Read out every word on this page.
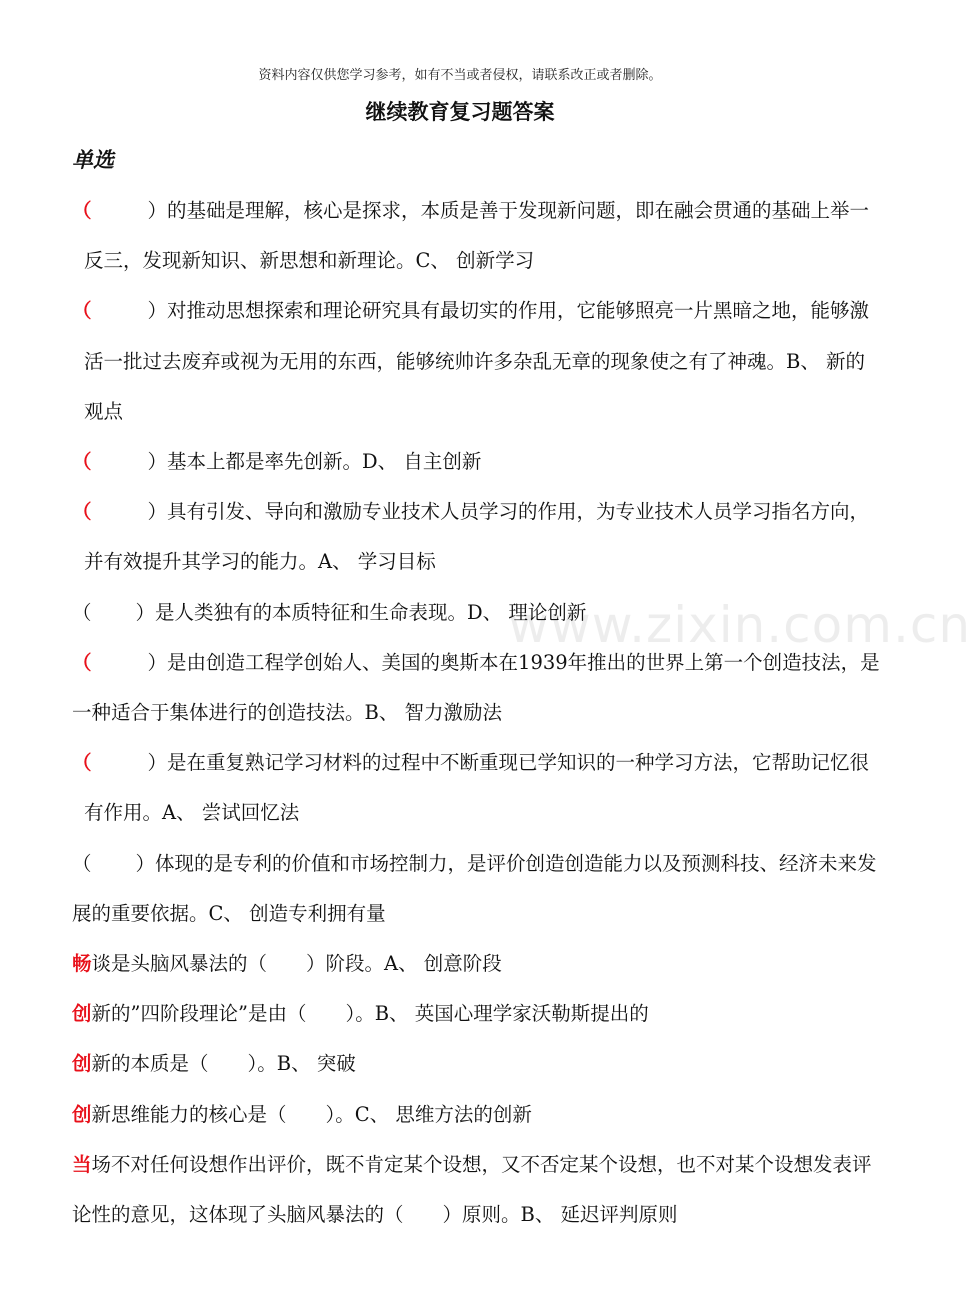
资料内容仅供您学习参考，如有不当或者侵权，请联系改正或者删除。
继续教育复习题答案
单选
www.zixin.com.cn

（	）的基础是理解，核心是探求，本质是善于发现新问题，即在融会贯通的基础上举一反三，发现新知识、新思想和新理论。C、 创新学习

（	）对推动思想探索和理论研究具有最切实的作用，它能够照亮一片黑暗之地，能够激活一批过去废弃或视为无用的东西，能够统帅许多杂乱无章的现象使之有了神魂。B、 新的观点

（	）基本上都是率先创新。D、 自主创新

（	）具有引发、导向和激励专业技术人员学习的作用，为专业技术人员学习指名方向，并有效提升其学习的能力。A、 学习目标

（ ）是人类独有的本质特征和生命表现。D、 理论创新

（	）是由创造工程学创始人、美国的奥斯本在1939年推出的世界上第一个创造技法，是一种适合于集体进行的创造技法。B、 智力激励法

（	）是在重复熟记学习材料的过程中不断重现已学知识的一种学习方法，它帮助记忆很有作用。A、 尝试回忆法

（ ）体现的是专利的价值和市场控制力，是评价创造创造能力以及预测科技、经济未来发展的重要依据。C、 创造专利拥有量

畅谈是头脑风暴法的（　　）阶段。A、 创意阶段

创新的”四阶段理论”是由（　　）。B、 英国心理学家沃勒斯提出的

创新的本质是（　　）。B、 突破

创新思维能力的核心是（　　）。C、 思维方法的创新

当场不对任何设想作出评价，既不肯定某个设想，又不否定某个设想，也不对某个设想发表评论性的意见，这体现了头脑风暴法的（　　）原则。B、 延迟评判原则
